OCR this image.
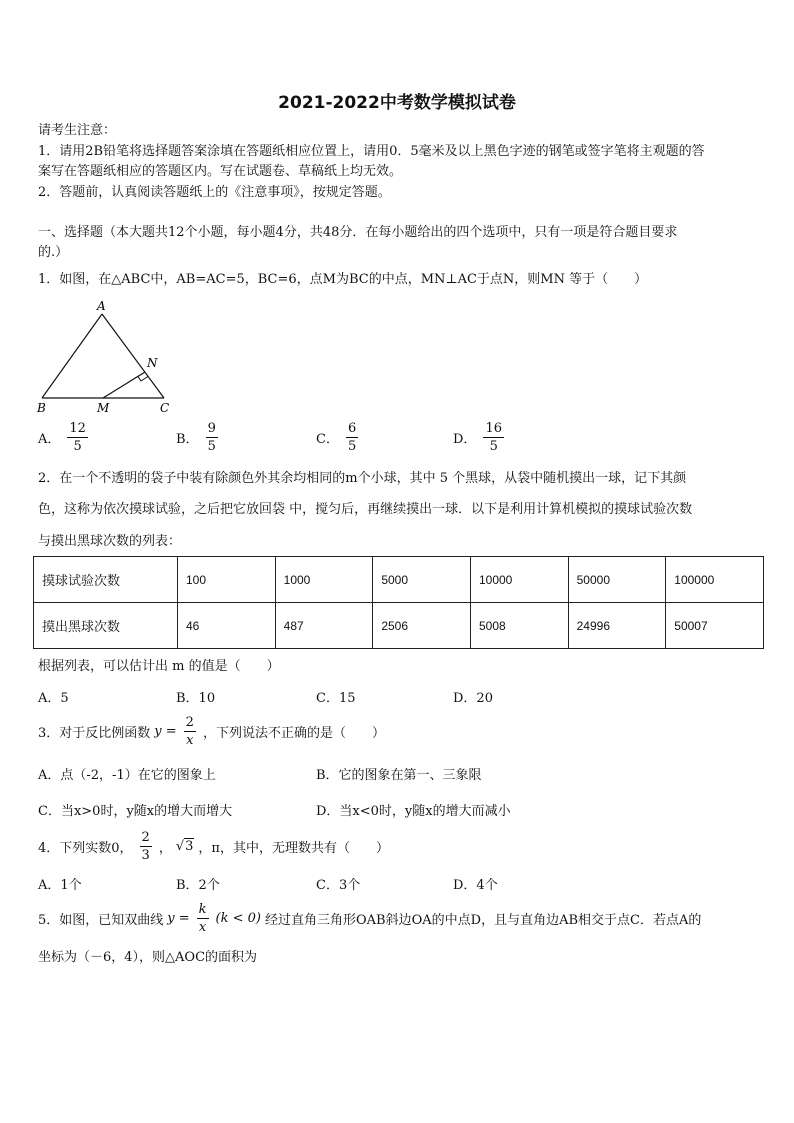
2021-2022中考数学模拟试卷
请考生注意：
1．请用2B铅笔将选择题答案涂填在答题纸相应位置上，请用0．5毫米及以上黑色字迹的钢笔或签字笔将主观题的答
案写在答题纸相应的答题区内。写在试题卷、草稿纸上均无效。
2．答题前，认真阅读答题纸上的《注意事项》，按规定答题。
一、选择题（本大题共12个小题，每小题4分，共48分．在每小题给出的四个选项中，只有一项是符合题目要求
的.）
1．如图，在△ABC中，AB=AC=5，BC=6，点M为BC的中点，MN⊥AC于点N，则MN 等于（　　）
A
B	C
M
N
A． $\frac{12}{5}$	B． $\frac{9}{5}$	C． $\frac{6}{5}$	D． $\frac{16}{5}$
2．在一个不透明的袋子中装有除颜色外其余均相同的m个小球，其中 5 个黑球，从袋中随机摸出一球，记下其颜
色，这称为依次摸球试验，之后把它放回袋 中，搅匀后，再继续摸出一球．以下是利用计算机模拟的摸球试验次数
与摸出黑球次数的列表：
摸球试验次数	100	1000	5000	10000	50000	100000
摸出黑球次数	46	487	2506	5008	24996	50007
根据列表，可以估计出 m 的值是（　　）
A．5	B．10	C．15	D．20
3．对于反比例函数 $y = \frac{2}{x}$ ，下列说法不正确的是（　　）
A．点（-2，-1）在它的图象上	B．它的图象在第一、三象限
C．当x>0时，y随x的增大而增大	D．当x<0时，y随x的增大而减小
4．下列实数0， $\frac{2}{3}$ ， √3 ，π，其中，无理数共有（　　）
A．1个	B．2个	C．3个	D．4个
5．如图，已知双曲线 $y = \frac{k}{x} (k < 0)$ 经过直角三角形OAB斜边OA的中点D，且与直角边AB相交于点C．若点A的
坐标为（－6，4），则△AOC的面积为
